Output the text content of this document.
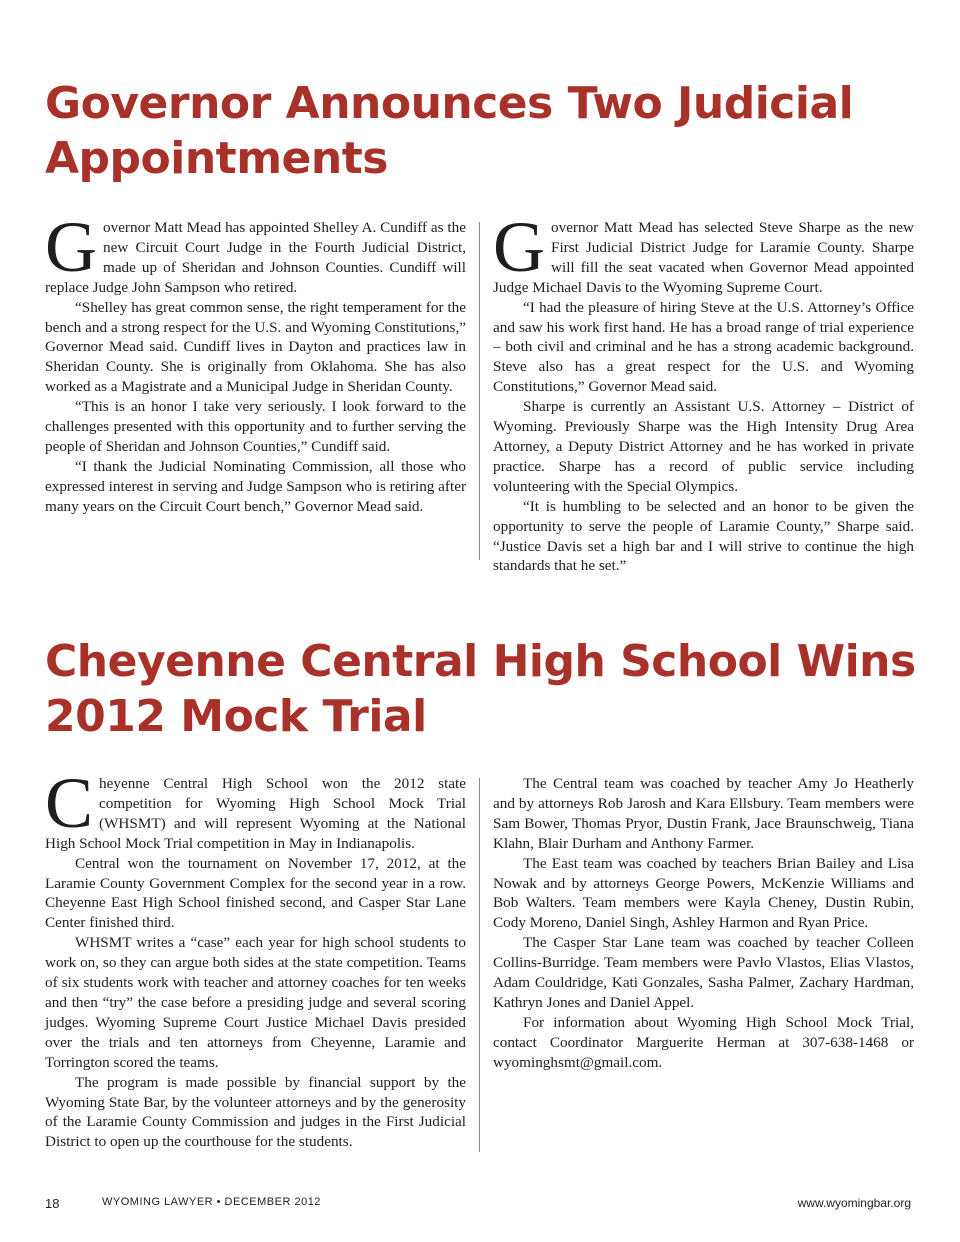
Governor Announces Two Judicial Appointments

Governor Matt Mead has appointed Shelley A. Cundiff as the new Circuit Court Judge in the Fourth Judicial District, made up of Sheridan and Johnson Counties. Cundiff will replace Judge John Sampson who retired.

“Shelley has great common sense, the right temperament for the bench and a strong respect for the U.S. and Wyoming Constitutions,” Governor Mead said. Cundiff lives in Dayton and practices law in Sheridan County. She is originally from Oklahoma. She has also worked as a Magistrate and a Municipal Judge in Sheridan County.

“This is an honor I take very seriously. I look forward to the challenges presented with this opportunity and to further serving the people of Sheridan and Johnson Counties,” Cundiff said.

“I thank the Judicial Nominating Commission, all those who expressed interest in serving and Judge Sampson who is retiring after many years on the Circuit Court bench,” Governor Mead said.

Governor Matt Mead has selected Steve Sharpe as the new First Judicial District Judge for Laramie County. Sharpe will fill the seat vacated when Governor Mead appointed Judge Michael Davis to the Wyoming Supreme Court.

“I had the pleasure of hiring Steve at the U.S. Attorney’s Office and saw his work first hand. He has a broad range of trial experience – both civil and criminal and he has a strong academic background. Steve also has a great respect for the U.S. and Wyoming Constitutions,” Governor Mead said.

Sharpe is currently an Assistant U.S. Attorney – District of Wyoming. Previously Sharpe was the High Intensity Drug Area Attorney, a Deputy District Attorney and he has worked in private practice. Sharpe has a record of public service including volunteering with the Special Olympics.

“It is humbling to be selected and an honor to be given the opportunity to serve the people of Laramie County,” Sharpe said. “Justice Davis set a high bar and I will strive to continue the high standards that he set.”

Cheyenne Central High School Wins 2012 Mock Trial

Cheyenne Central High School won the 2012 state competition for Wyoming High School Mock Trial (WHSMT) and will represent Wyoming at the National High School Mock Trial competition in May in Indianapolis.

Central won the tournament on November 17, 2012, at the Laramie County Government Complex for the second year in a row. Cheyenne East High School finished second, and Casper Star Lane Center finished third.

WHSMT writes a “case” each year for high school students to work on, so they can argue both sides at the state competition. Teams of six students work with teacher and attorney coaches for ten weeks and then “try” the case before a presiding judge and several scoring judges. Wyoming Supreme Court Justice Michael Davis presided over the trials and ten attorneys from Cheyenne, Laramie and Torrington scored the teams.

The program is made possible by financial support by the Wyoming State Bar, by the volunteer attorneys and by the generosity of the Laramie County Commission and judges in the First Judicial District to open up the courthouse for the students.

The Central team was coached by teacher Amy Jo Heatherly and by attorneys Rob Jarosh and Kara Ellsbury. Team members were Sam Bower, Thomas Pryor, Dustin Frank, Jace Braunschweig, Tiana Klahn, Blair Durham and Anthony Farmer.

The East team was coached by teachers Brian Bailey and Lisa Nowak and by attorneys George Powers, McKenzie Williams and Bob Walters. Team members were Kayla Cheney, Dustin Rubin, Cody Moreno, Daniel Singh, Ashley Harmon and Ryan Price.

The Casper Star Lane team was coached by teacher Colleen Collins-Burridge. Team members were Pavlo Vlastos, Elias Vlastos, Adam Couldridge, Kati Gonzales, Sasha Palmer, Zachary Hardman, Kathryn Jones and Daniel Appel.

For information about Wyoming High School Mock Trial, contact Coordinator Marguerite Herman at 307-638-1468 or wyominghsmt@gmail.com.

18	WYOMING LAWYER • DECEMBER 2012	www.wyomingbar.org
